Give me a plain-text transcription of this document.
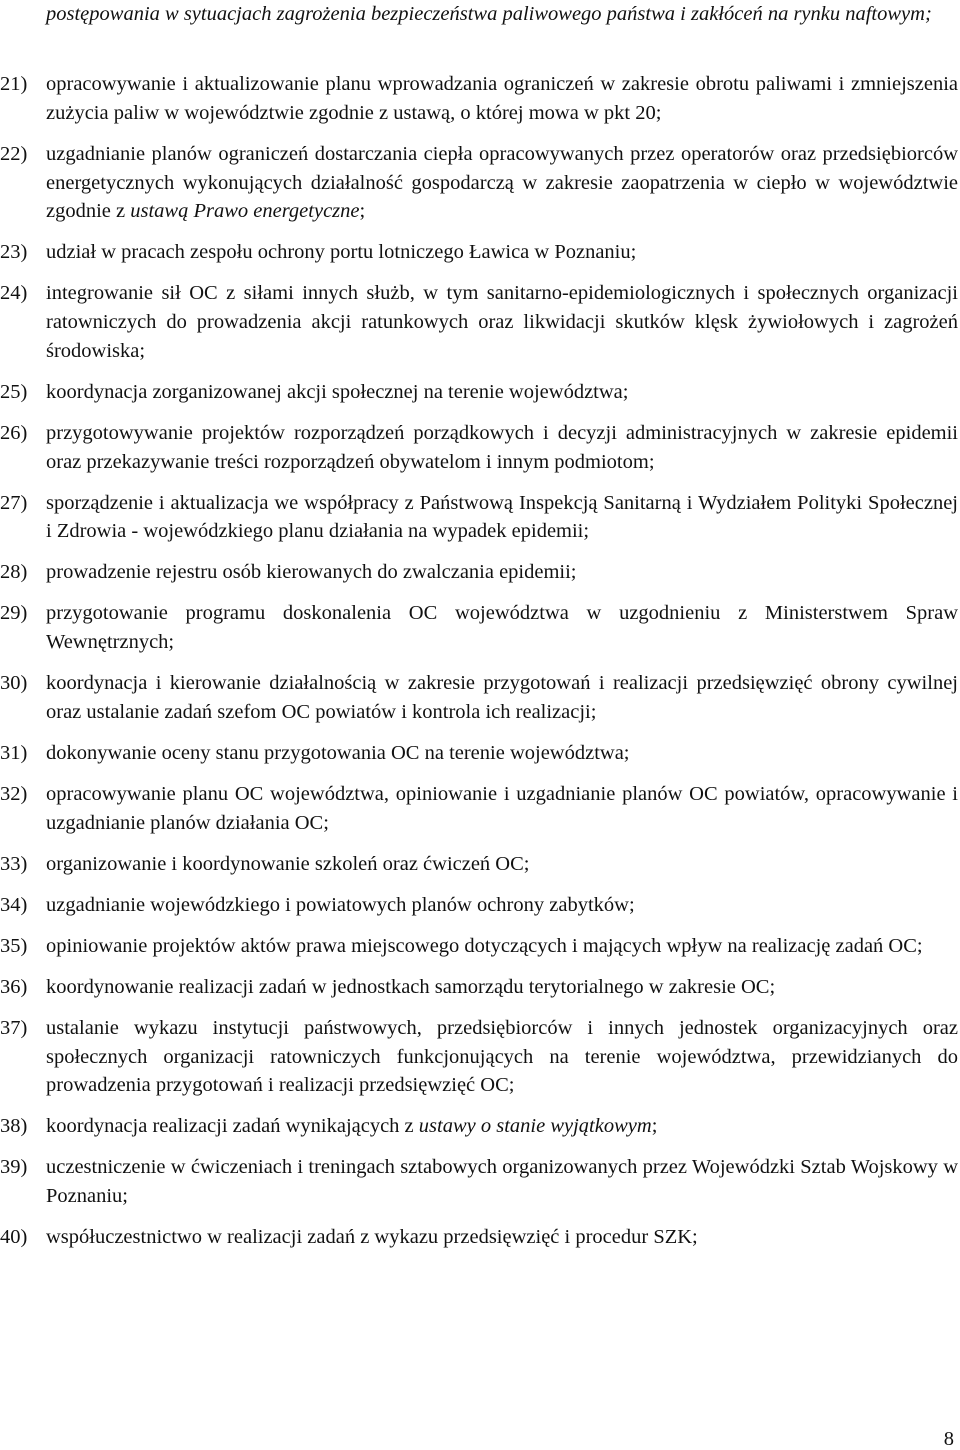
postępowania w sytuacjach zagrożenia bezpieczeństwa paliwowego państwa i zakłóceń na rynku naftowym;

21) opracowywanie i aktualizowanie planu wprowadzania ograniczeń w zakresie obrotu paliwami i zmniejszenia zużycia paliw w województwie zgodnie z ustawą, o której mowa w pkt 20;
22) uzgadnianie planów ograniczeń dostarczania ciepła opracowywanych przez operatorów oraz przedsiębiorców energetycznych wykonujących działalność gospodarczą w zakresie zaopatrzenia w ciepło w województwie zgodnie z ustawą Prawo energetyczne;
23) udział w pracach zespołu ochrony portu lotniczego Ławica w Poznaniu;
24) integrowanie sił OC z siłami innych służb, w tym sanitarno-epidemiologicznych i społecznych organizacji ratowniczych do prowadzenia akcji ratunkowych oraz likwidacji skutków klęsk żywiołowych i zagrożeń środowiska;
25) koordynacja zorganizowanej akcji społecznej na terenie województwa;
26) przygotowywanie projektów rozporządzeń porządkowych i decyzji administracyjnych w zakresie epidemii oraz przekazywanie treści rozporządzeń obywatelom i innym podmiotom;
27) sporządzenie i aktualizacja we współpracy z Państwową Inspekcją Sanitarną i Wydziałem Polityki Społecznej i Zdrowia - wojewódzkiego planu działania na wypadek epidemii;
28) prowadzenie rejestru osób kierowanych do zwalczania epidemii;
29) przygotowanie programu doskonalenia OC województwa w uzgodnieniu z Ministerstwem Spraw Wewnętrznych;
30) koordynacja i kierowanie działalnością w zakresie przygotowań i realizacji przedsięwzięć obrony cywilnej oraz ustalanie zadań szefom OC powiatów i kontrola ich realizacji;
31) dokonywanie oceny stanu przygotowania OC na terenie województwa;
32) opracowywanie planu OC województwa, opiniowanie i uzgadnianie planów OC powiatów, opracowywanie i uzgadnianie planów działania OC;
33) organizowanie i koordynowanie szkoleń oraz ćwiczeń OC;
34) uzgadnianie wojewódzkiego i powiatowych planów ochrony zabytków;
35) opiniowanie projektów aktów prawa miejscowego dotyczących i mających wpływ na realizację zadań OC;
36) koordynowanie realizacji zadań w jednostkach samorządu terytorialnego w zakresie OC;
37) ustalanie wykazu instytucji państwowych, przedsiębiorców i innych jednostek organizacyjnych oraz społecznych organizacji ratowniczych funkcjonujących na terenie województwa, przewidzianych do prowadzenia przygotowań i realizacji przedsięwzięć OC;
38) koordynacja realizacji zadań wynikających z ustawy o stanie wyjątkowym;
39) uczestniczenie w ćwiczeniach i treningach sztabowych organizowanych przez Wojewódzki Sztab Wojskowy w Poznaniu;
40) współuczestnictwo w realizacji zadań z wykazu przedsięwzięć i procedur SZK;
8
